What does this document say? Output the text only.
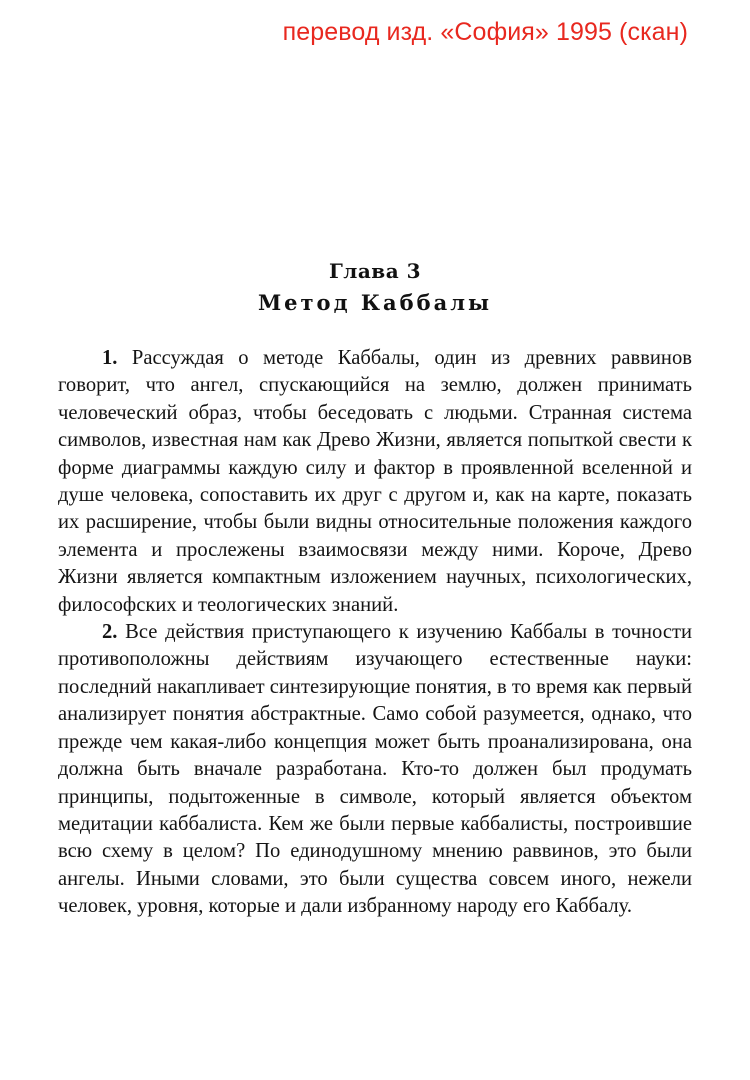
перевод изд. «София» 1995 (скан)
Глава 3
Метод Каббалы

1. Рассуждая о методе Каббалы, один из древних раввинов говорит, что ангел, спускающийся на землю, должен принимать человеческий образ, чтобы беседовать с людьми. Странная система символов, известная нам как Древо Жизни, является попыткой свести к форме диаграммы каждую силу и фактор в проявленной вселенной и душе человека, сопоставить их друг с другом и, как на карте, показать их расширение, чтобы были видны относительные положения каждого элемента и прослежены взаимосвязи между ними. Короче, Древо Жизни является компактным изложением научных, психологических, философских и теологических знаний.

2. Все действия приступающего к изучению Каббалы в точности противоположны действиям изучающего естественные науки: последний накапливает синтезирующие понятия, в то время как первый анализирует понятия абстрактные. Само собой разумеется, однако, что прежде чем какая-либо концепция может быть проанализирована, она должна быть вначале разработана. Кто-то должен был продумать принципы, подытоженные в символе, который является объектом медитации каббалиста. Кем же были первые каббалисты, построившие всю схему в целом? По единодушному мнению раввинов, это были ангелы. Иными словами, это были существа совсем иного, нежели человек, уровня, которые и дали избранному народу его Каббалу.
